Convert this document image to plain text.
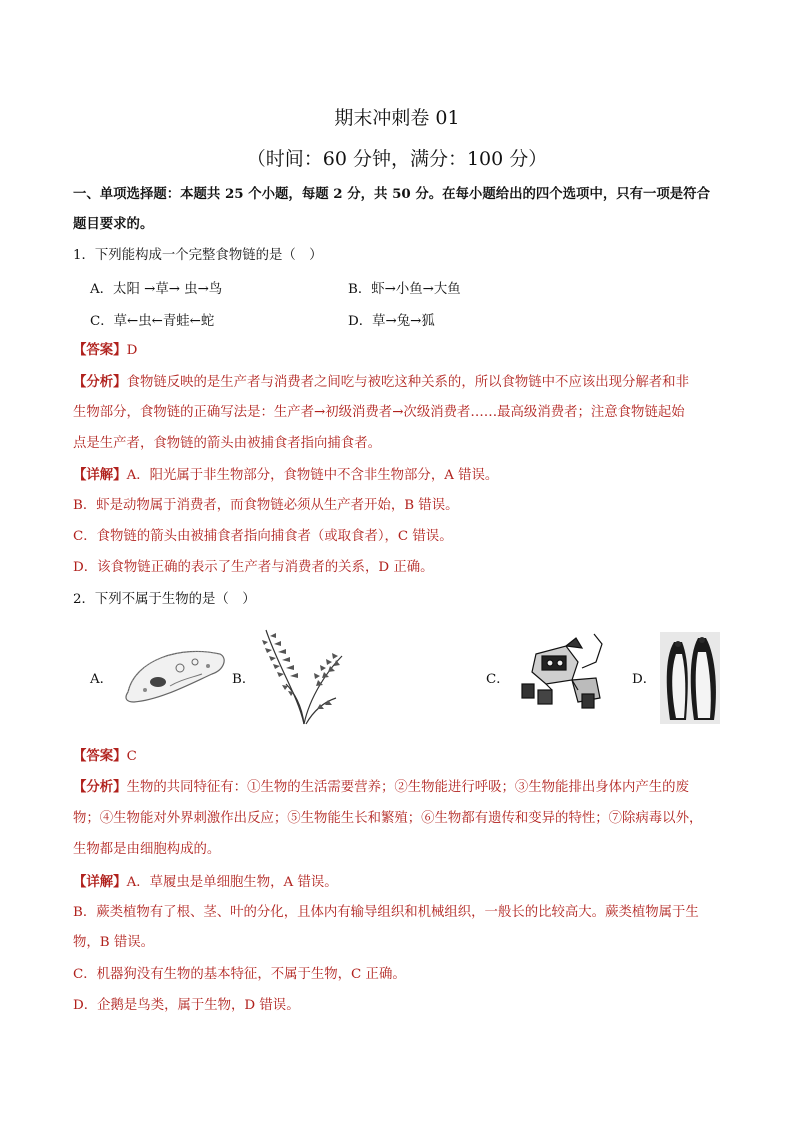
期末冲刺卷 01
（时间：60 分钟，满分：100 分）
一、单项选择题：本题共 25 个小题，每题 2 分，共 50 分。在每小题给出的四个选项中，只有一项是符合
题目要求的。
1．下列能构成一个完整食物链的是（　）
A．太阳 →草→ 虫→鸟	B．虾→小鱼→大鱼
C．草←虫←青蛙←蛇	D．草→兔→狐
【答案】D
【分析】食物链反映的是生产者与消费者之间吃与被吃这种关系的，所以食物链中不应该出现分解者和非
生物部分，食物链的正确写法是：生产者→初级消费者→次级消费者……最高级消费者；注意食物链起始
点是生产者，食物链的箭头由被捕食者指向捕食者。
【详解】A．阳光属于非生物部分，食物链中不含非生物部分，A 错误。
B．虾是动物属于消费者，而食物链必须从生产者开始，B 错误。
C．食物链的箭头由被捕食者指向捕食者（或取食者），C 错误。
D．该食物链正确的表示了生产者与消费者的关系，D 正确。
2．下列不属于生物的是（　）
A．	B．	C．	D．
【答案】C
【分析】生物的共同特征有：①生物的生活需要营养；②生物能进行呼吸；③生物能排出身体内产生的废
物；④生物能对外界刺激作出反应；⑤生物能生长和繁殖；⑥生物都有遗传和变异的特性；⑦除病毒以外，
生物都是由细胞构成的。
【详解】A．草履虫是单细胞生物，A 错误。
B．蕨类植物有了根、茎、叶的分化，且体内有输导组织和机械组织，一般长的比较高大。蕨类植物属于生
物，B 错误。
C．机器狗没有生物的基本特征，不属于生物，C 正确。
D．企鹅是鸟类，属于生物，D 错误。
